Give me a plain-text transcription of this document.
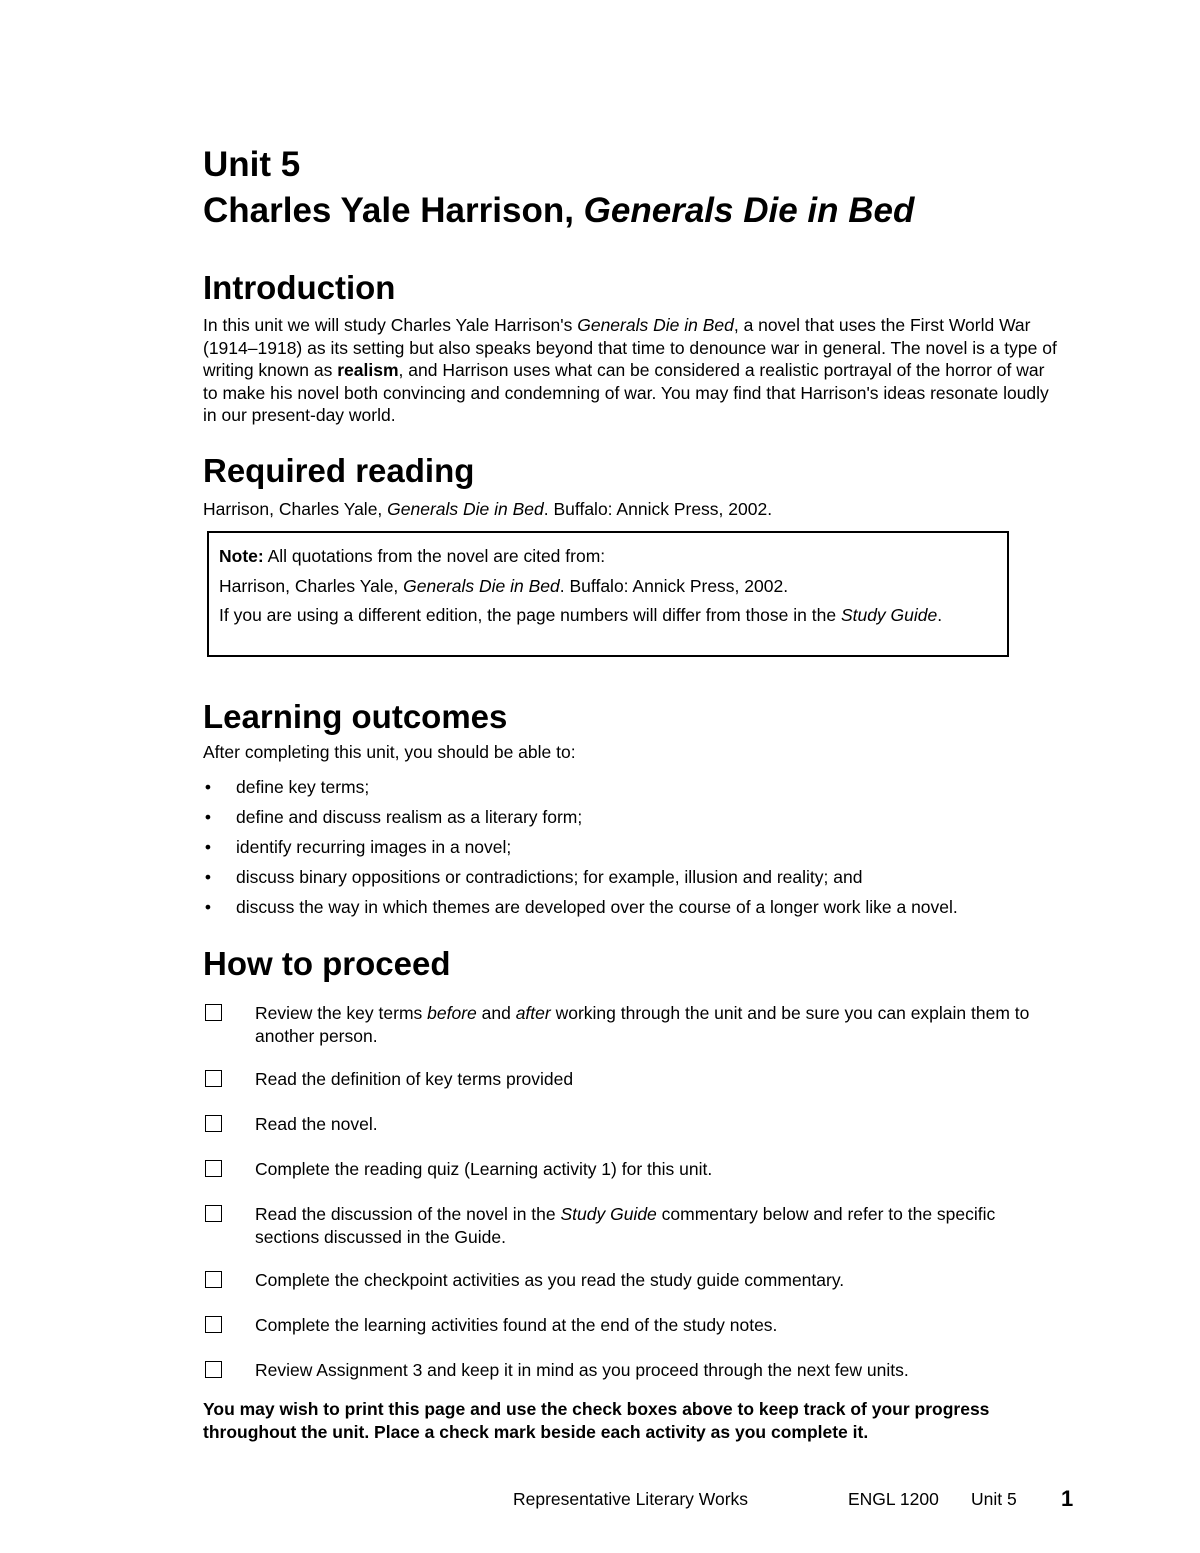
Unit 5
Charles Yale Harrison, Generals Die in Bed
Introduction

In this unit we will study Charles Yale Harrison's Generals Die in Bed, a novel that uses the First World War (1914–1918) as its setting but also speaks beyond that time to denounce war in general. The novel is a type of writing known as realism, and Harrison uses what can be considered a realistic portrayal of the horror of war to make his novel both convincing and condemning of war. You may find that Harrison's ideas resonate loudly in our present-day world.

Required reading

Harrison, Charles Yale, Generals Die in Bed. Buffalo: Annick Press, 2002.

Note: All quotations from the novel are cited from:

Harrison, Charles Yale, Generals Die in Bed. Buffalo: Annick Press, 2002.

If you are using a different edition, the page numbers will differ from those in the Study Guide.

Learning outcomes

After completing this unit, you should be able to:

• define key terms;
• define and discuss realism as a literary form;
• identify recurring images in a novel;
• discuss binary oppositions or contradictions; for example, illusion and reality; and
• discuss the way in which themes are developed over the course of a longer work like a novel.
How to proceed
Review the key terms before and after working through the unit and be sure you can explain them to another person.
Read the definition of key terms provided
Read the novel.
Complete the reading quiz (Learning activity 1) for this unit.
Read the discussion of the novel in the Study Guide commentary below and refer to the specific sections discussed in the Guide.
Complete the checkpoint activities as you read the study guide commentary.
Complete the learning activities found at the end of the study notes.
Review Assignment 3 and keep it in mind as you proceed through the next few units.

You may wish to print this page and use the check boxes above to keep track of your progress throughout the unit. Place a check mark beside each activity as you complete it.

Representative Literary Works	ENGL 1200 Unit 5 1
